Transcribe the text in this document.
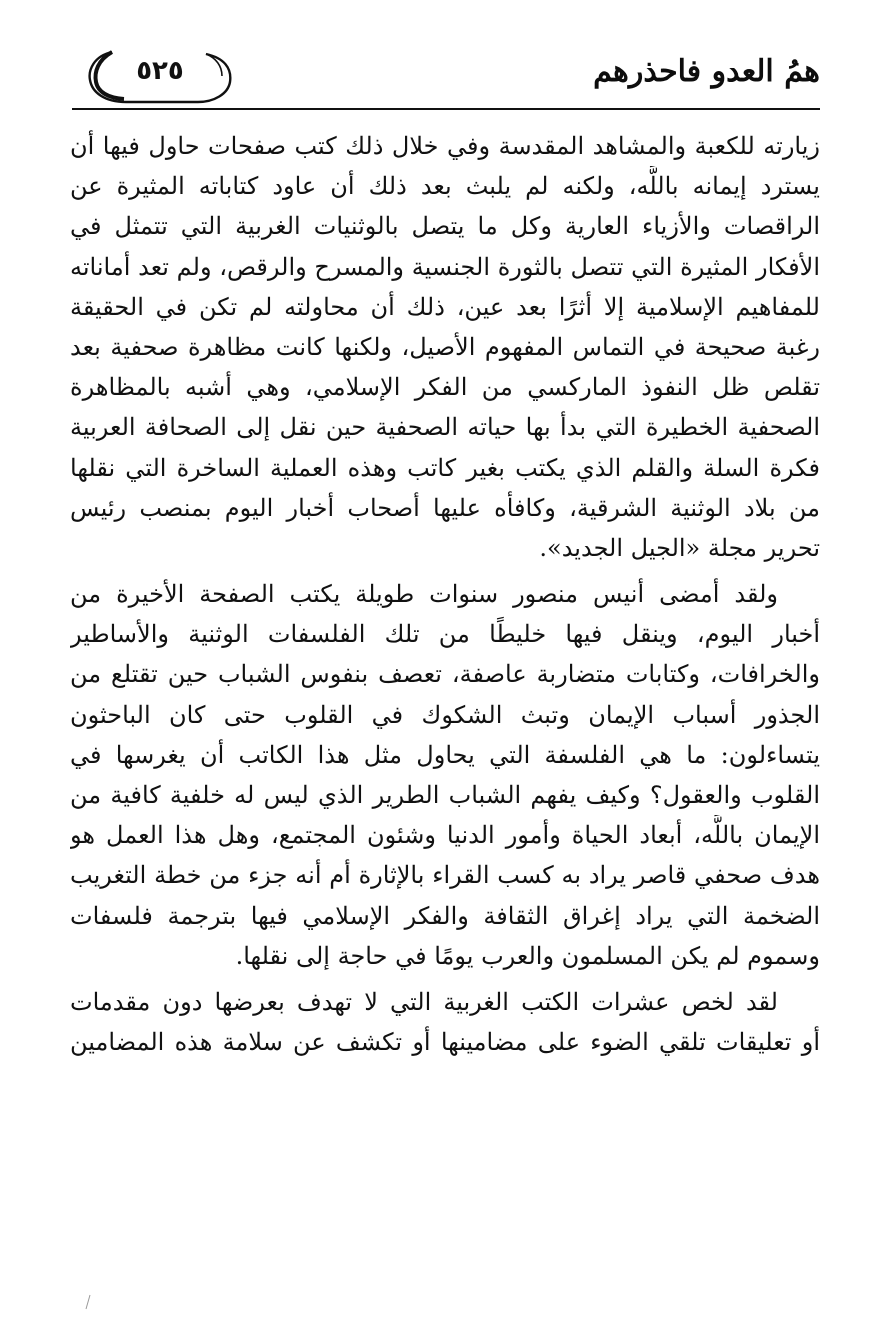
همُ العدو فاحذرهم
٥٢٥
زيارته للكعبة والمشاهد المقدسة وفي خلال ذلك كتب صفحات حاول فيها أن
يسترد إيمانه باللَّه، ولكنه لم يلبث بعد ذلك أن عاود كتاباته المثيرة عن
الراقصات والأزياء العارية وكل ما يتصل بالوثنيات الغربية التي تتمثل في
الأفكار المثيرة التي تتصل بالثورة الجنسية والمسرح والرقص، ولم تعد أماناته
للمفاهيم الإسلامية إلا أثرًا بعد عين، ذلك أن محاولته لم تكن في الحقيقة
رغبة صحيحة في التماس المفهوم الأصيل، ولكنها كانت مظاهرة صحفية بعد
تقلص ظل النفوذ الماركسي من الفكر الإسلامي، وهي أشبه بالمظاهرة
الصحفية الخطيرة التي بدأ بها حياته الصحفية حين نقل إلى الصحافة العربية
فكرة السلة والقلم الذي يكتب بغير كاتب وهذه العملية الساخرة التي نقلها
من بلاد الوثنية الشرقية، وكافأه عليها أصحاب أخبار اليوم بمنصب رئيس
تحرير مجلة «الجيل الجديد».
ولقد أمضى أنيس منصور سنوات طويلة يكتب الصفحة الأخيرة من
أخبار اليوم، وينقل فيها خليطًا من تلك الفلسفات الوثنية والأساطير
والخرافات، وكتابات متضاربة عاصفة، تعصف بنفوس الشباب حين تقتلع من
الجذور أسباب الإيمان وتبث الشكوك في القلوب حتى كان الباحثون
يتساءلون: ما هي الفلسفة التي يحاول مثل هذا الكاتب أن يغرسها في
القلوب والعقول؟ وكيف يفهم الشباب الطرير الذي ليس له خلفية كافية من
الإيمان باللَّه، أبعاد الحياة وأمور الدنيا وشئون المجتمع، وهل هذا العمل هو
هدف صحفي قاصر يراد به كسب القراء بالإثارة أم أنه جزء من خطة التغريب
الضخمة التي يراد إغراق الثقافة والفكر الإسلامي فيها بترجمة فلسفات
وسموم لم يكن المسلمون والعرب يومًا في حاجة إلى نقلها.
لقد لخص عشرات الكتب الغربية التي لا تهدف بعرضها دون مقدمات
أو تعليقات تلقي الضوء على مضامينها أو تكشف عن سلامة هذه المضامين
